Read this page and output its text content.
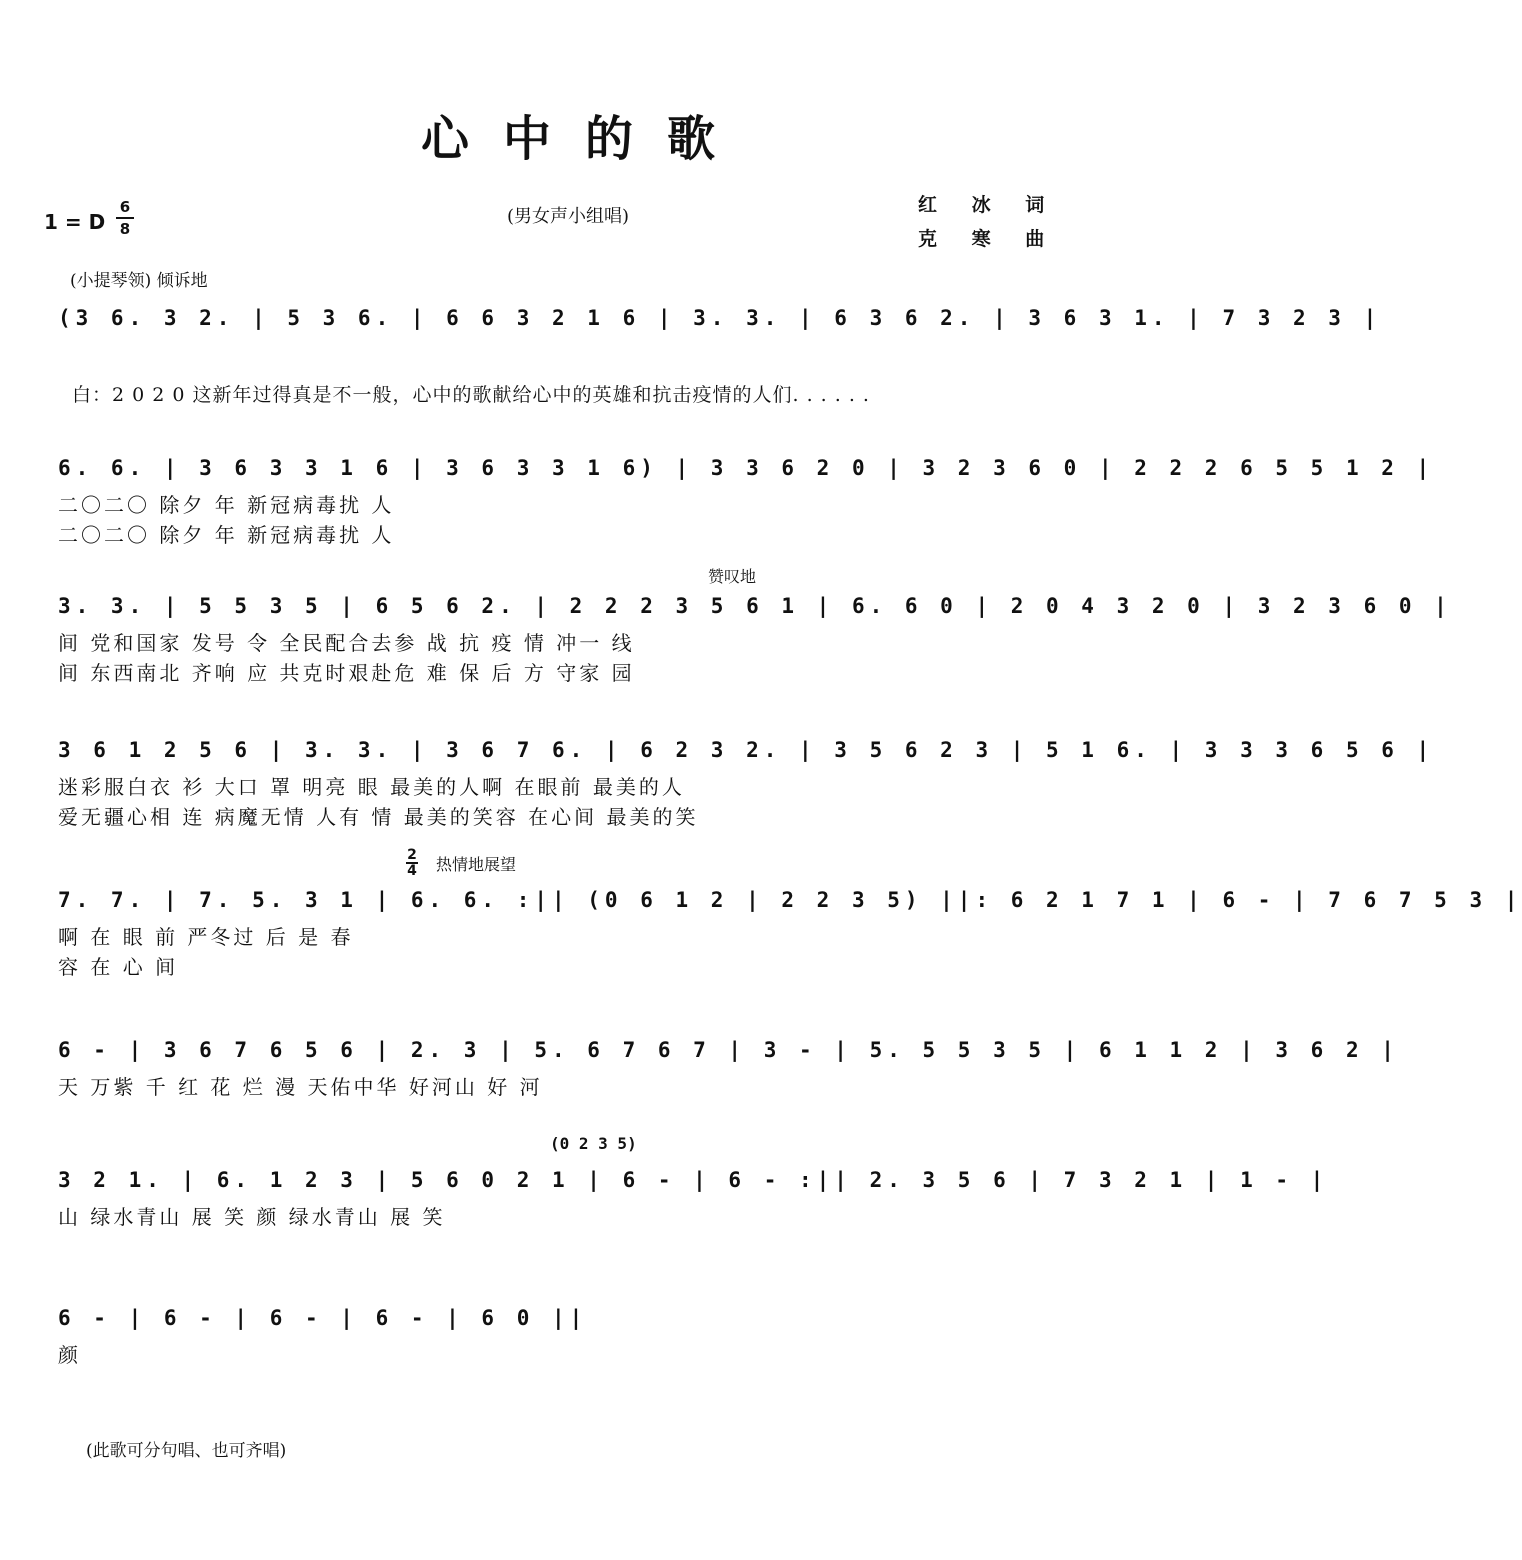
心中的歌
1 = D
6
8
(男女声小组唱)
红 冰 词
克 寒 曲
(小提琴领) 倾诉地
(3 6. 3 2. | 5 3 6. | 6 6 3 2 1 6 | 3. 3. | 6 3 6 2. | 3 6 3 1. | 7 3 2 3 |
白：2 0 2 0 这新年过得真是不一般，心中的歌献给心中的英雄和抗击疫情的人们. . . . . .
6. 6. | 3 6 3 3 1 6 | 3 6 3 3 1 6) | 3 3 6 2 0 | 3 2 3 6 0 | 2 2 2 6 5 5 1 2 |
二〇二〇 除夕 年 新冠病毒扰 人
二〇二〇 除夕 年 新冠病毒扰 人
赞叹地
3. 3. | 5 5 3 5 | 6 5 6 2. | 2 2 2 3 5 6 1 | 6. 6 0 | 2 0 4 3 2 0 | 3 2 3 6 0 |
间 党和国家 发号 令 全民配合去参 战 抗 疫 情 冲一 线
间 东西南北 齐响 应 共克时艰赴危 难 保 后 方 守家 园
3 6 1 2 5 6 | 3. 3. | 3 6 7 6. | 6 2 3 2. | 3 5 6 2 3 | 5 1 6. | 3 3 3 6 5 6 |
迷彩服白衣 衫 大口 罩 明亮 眼 最美的人啊 在眼前 最美的人
爱无疆心相 连 病魔无情 人有 情 最美的笑容 在心间 最美的笑
2
4 热情地展望
7. 7. | 7. 5. 3 1 | 6. 6. :|| (0 6 1 2 | 2 2 3 5) ||: 6 2 1 7 1 | 6 - | 7 6 7 5 3 |
啊 在 眼 前 严冬过 后 是 春
容 在 心 间
6 - | 3 6 7 6 5 6 | 2. 3 | 5. 6 7 6 7 | 3 - | 5. 5 5 3 5 | 6 1 1 2 | 3 6 2 |
天 万紫 千 红 花 烂 漫 天佑中华 好河山 好 河
(0 2 3 5)
3 2 1. | 6. 1 2 3 | 5 6 0 2 1 | 6 - | 6 - :|| 2. 3 5 6 | 7 3 2 1 | 1 - |
山 绿水青山 展 笑 颜 绿水青山 展 笑
6 - | 6 - | 6 - | 6 - | 6 0 ||
颜
(此歌可分句唱、也可齐唱)
